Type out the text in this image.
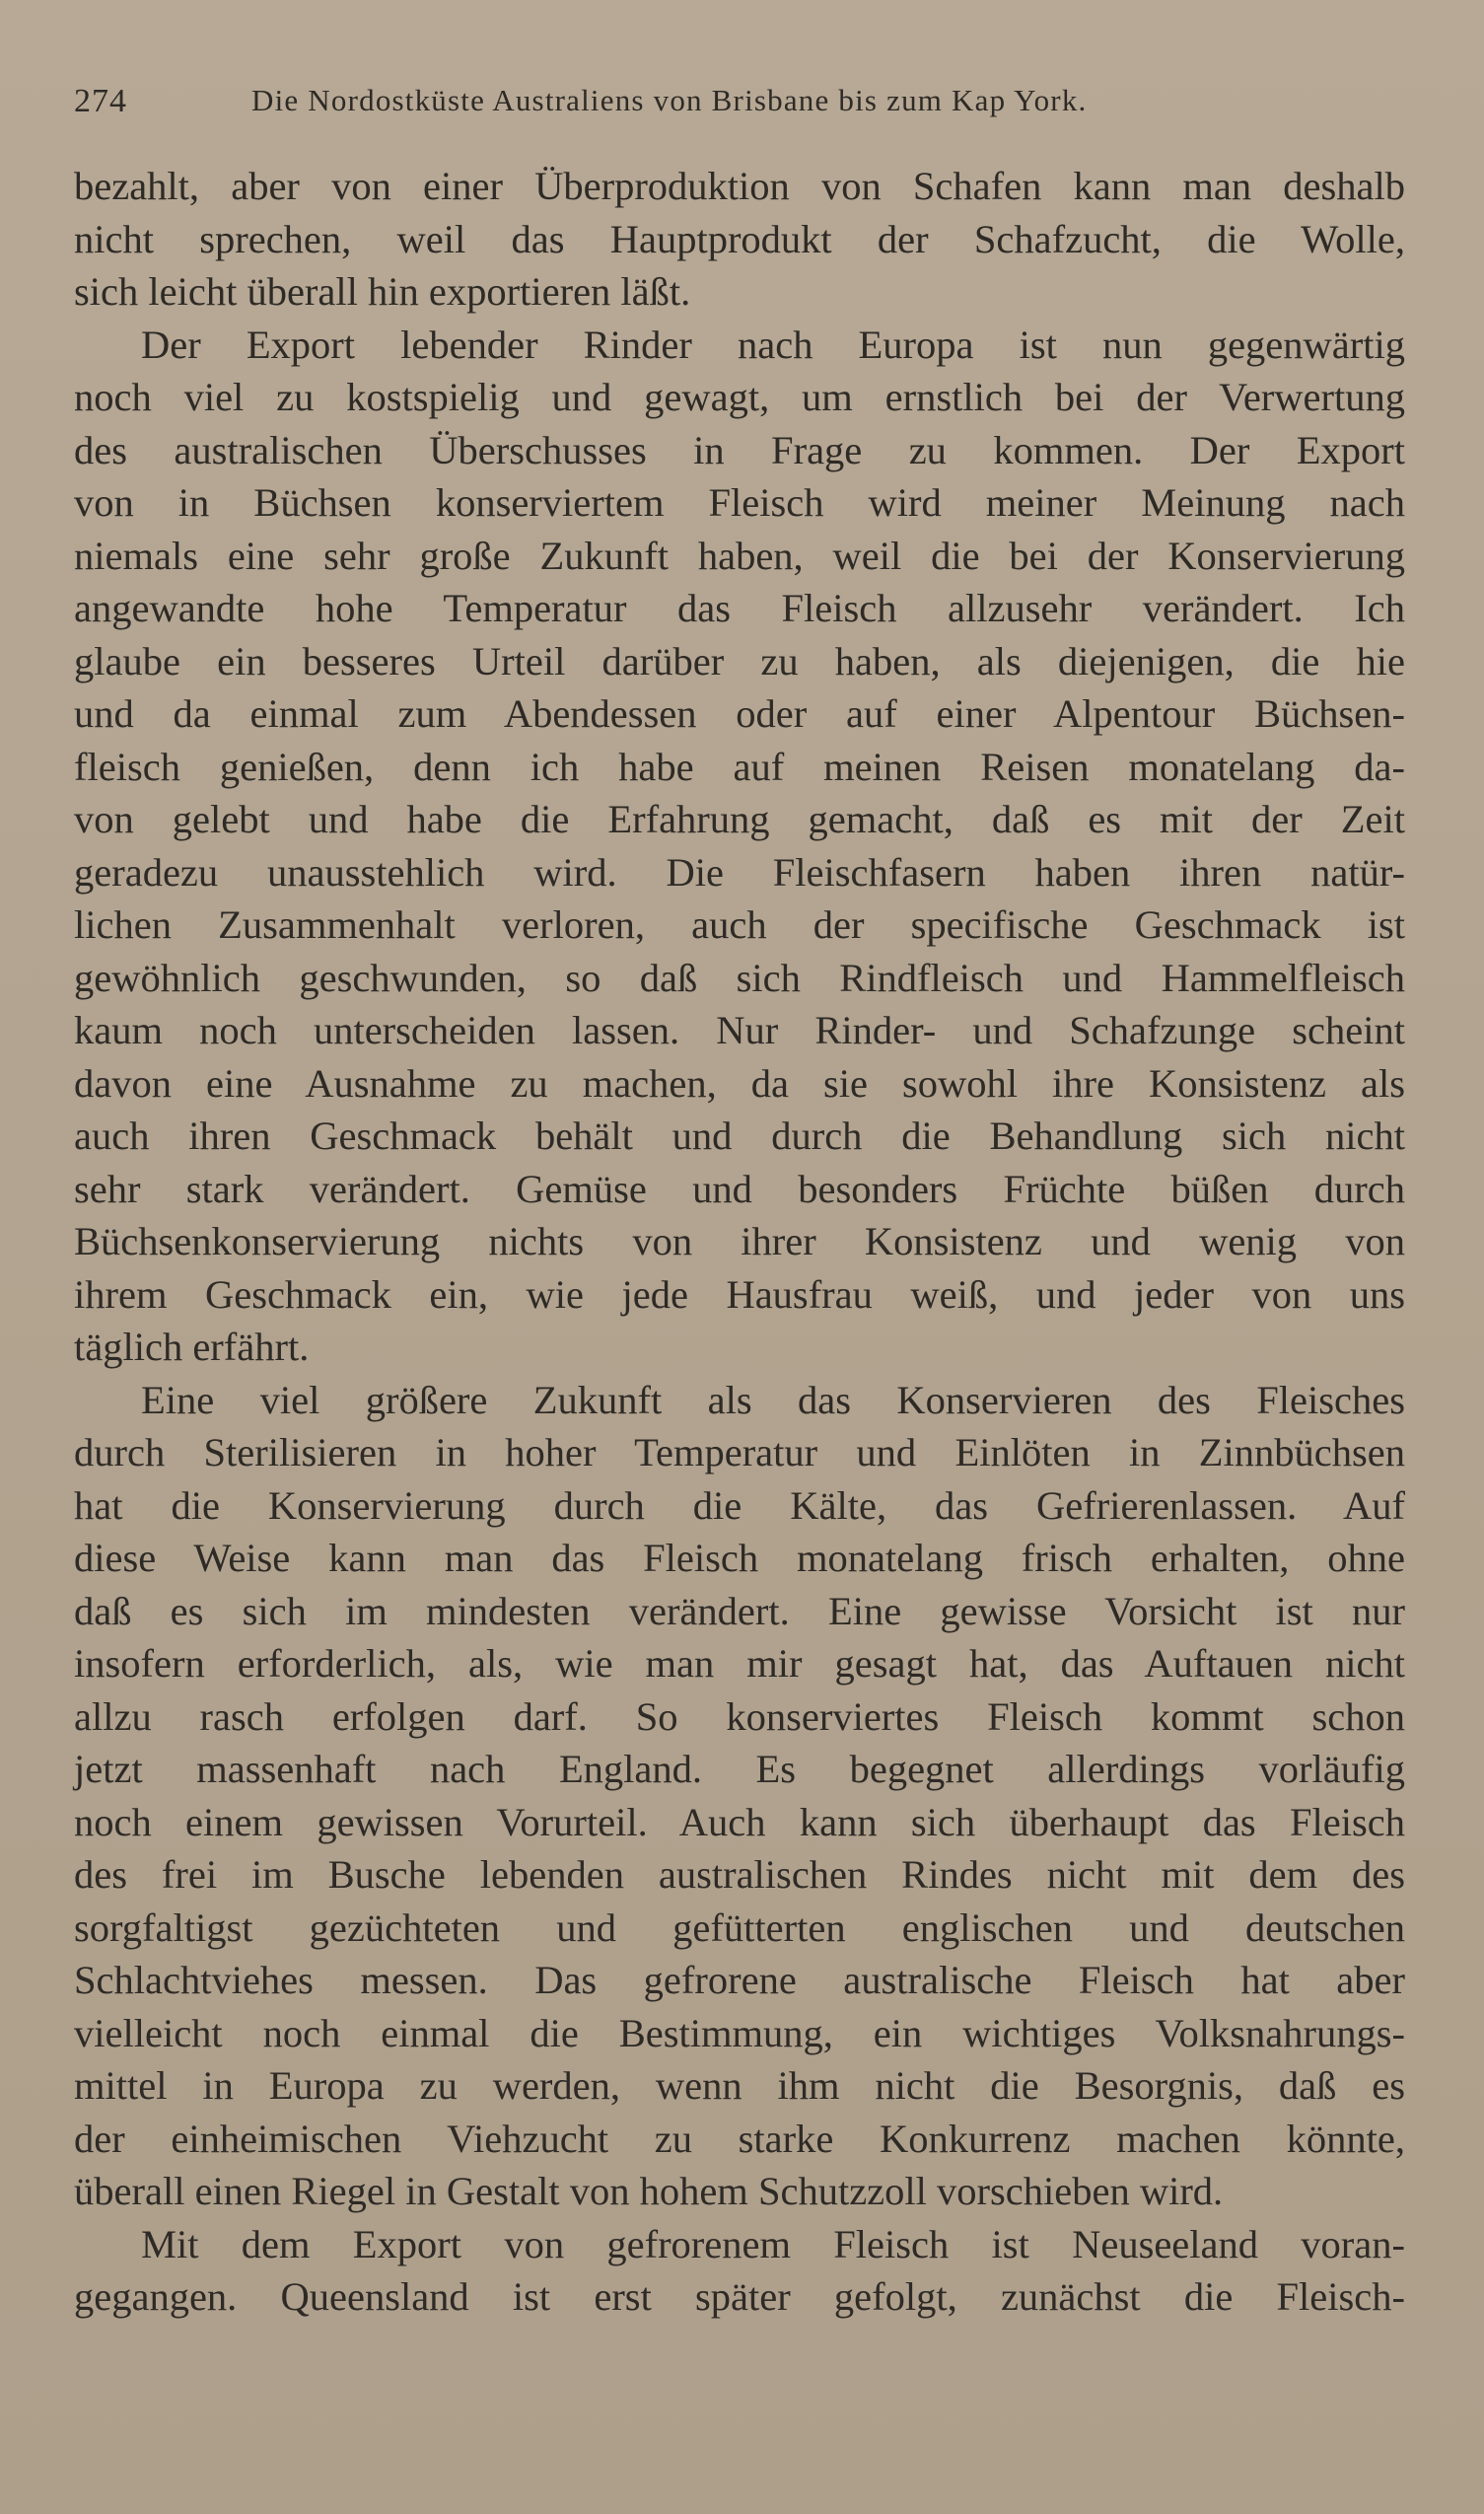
274	Die Nordostküste Australiens von Brisbane bis zum Kap York.
bezahlt, aber von einer Überproduktion von Schafen kann man deshalb
nicht sprechen, weil das Hauptprodukt der Schafzucht, die Wolle,
sich leicht überall hin exportieren läßt.
Der Export lebender Rinder nach Europa ist nun gegenwärtig
noch viel zu kostspielig und gewagt, um ernstlich bei der Verwertung
des australischen Überschusses in Frage zu kommen. Der Export
von in Büchsen konserviertem Fleisch wird meiner Meinung nach
niemals eine sehr große Zukunft haben, weil die bei der Konservierung
angewandte hohe Temperatur das Fleisch allzusehr verändert. Ich
glaube ein besseres Urteil darüber zu haben, als diejenigen, die hie
und da einmal zum Abendessen oder auf einer Alpentour Büchsen-
fleisch genießen, denn ich habe auf meinen Reisen monatelang da-
von gelebt und habe die Erfahrung gemacht, daß es mit der Zeit
geradezu unausstehlich wird. Die Fleischfasern haben ihren natür-
lichen Zusammenhalt verloren, auch der specifische Geschmack ist
gewöhnlich geschwunden, so daß sich Rindfleisch und Hammelfleisch
kaum noch unterscheiden lassen. Nur Rinder- und Schafzunge scheint
davon eine Ausnahme zu machen, da sie sowohl ihre Konsistenz als
auch ihren Geschmack behält und durch die Behandlung sich nicht
sehr stark verändert. Gemüse und besonders Früchte büßen durch
Büchsenkonservierung nichts von ihrer Konsistenz und wenig von
ihrem Geschmack ein, wie jede Hausfrau weiß, und jeder von uns
täglich erfährt.
Eine viel größere Zukunft als das Konservieren des Fleisches
durch Sterilisieren in hoher Temperatur und Einlöten in Zinnbüchsen
hat die Konservierung durch die Kälte, das Gefrierenlassen. Auf
diese Weise kann man das Fleisch monatelang frisch erhalten, ohne
daß es sich im mindesten verändert. Eine gewisse Vorsicht ist nur
insofern erforderlich, als, wie man mir gesagt hat, das Auftauen nicht
allzu rasch erfolgen darf. So konserviertes Fleisch kommt schon
jetzt massenhaft nach England. Es begegnet allerdings vorläufig
noch einem gewissen Vorurteil. Auch kann sich überhaupt das Fleisch
des frei im Busche lebenden australischen Rindes nicht mit dem des
sorgfaltigst gezüchteten und gefütterten englischen und deutschen
Schlachtviehes messen. Das gefrorene australische Fleisch hat aber
vielleicht noch einmal die Bestimmung, ein wichtiges Volksnahrungs-
mittel in Europa zu werden, wenn ihm nicht die Besorgnis, daß es
der einheimischen Viehzucht zu starke Konkurrenz machen könnte,
überall einen Riegel in Gestalt von hohem Schutzzoll vorschieben wird.
Mit dem Export von gefrorenem Fleisch ist Neuseeland voran-
gegangen. Queensland ist erst später gefolgt, zunächst die Fleisch-
